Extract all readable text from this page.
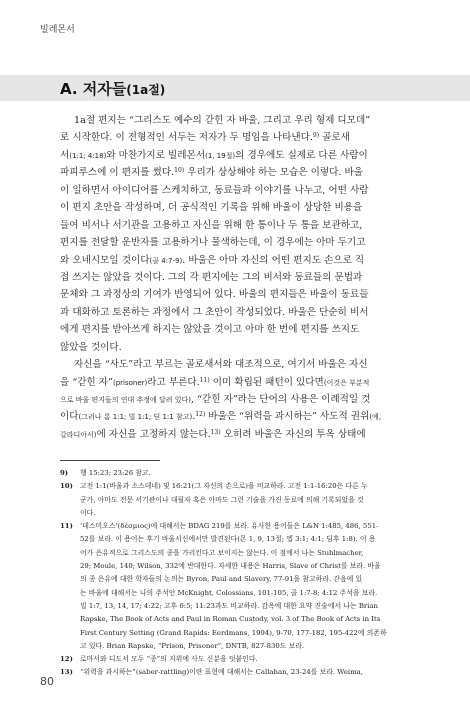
빌레몬서
A. 저자들(1a절)
1a절 편지는 “그리스도 예수의 갇힌 자 바울, 그리고 우리 형제 디모데”
로 시작한다. 이 전형적인 서두는 저자가 두 명임을 나타낸다.$^{9)}$ 골로새
서(1:1; 4:18)와 마찬가지로 빌레몬서(1, 19절)의 경우에도 실제로 다른 사람이
파피루스에 이 편지를 썼다.$^{10)}$ 우리가 상상해야 하는 모습은 이렇다. 바울
이 일하면서 아이디어를 스케치하고, 동료들과 이야기를 나누고, 어떤 사람
이 편지 초안을 작성하며, 더 공식적인 기록을 위해 바울이 상당한 비용을
들여 비서나 서기관을 고용하고 자신을 위해 한 통이나 두 통을 보관하고,
편지를 전달할 운반자를 고용하거나 물색하는데, 이 경우에는 아마 두기고
와 오네시모일 것이다(골 4:7-9). 바울은 아마 자신의 어떤 편지도 손으로 직
접 쓰지는 않았을 것이다. 그의 각 편지에는 그의 비서와 동료들의 문법과
문체와 그 과정상의 기여가 반영되어 있다. 바울의 편지들은 바울이 동료들
과 대화하고 토론하는 과정에서 그 초안이 작성되었다. 바울은 단순히 비서
에게 편지를 받아쓰게 하지는 않았을 것이고 아마 한 번에 편지를 쓰지도
않았을 것이다.
자신을 “사도”라고 부르는 골로새서와 대조적으로, 여기서 바울은 자신
을 “갇힌 자”(prisoner)라고 부른다.$^{11)}$ 이미 확립된 패턴이 있다면(이것은 부분적
으로 바울 편지들의 연대 추정에 달려 있다), “갇힌 자”라는 단어의 사용은 이례적일 것
이다(그러나 롬 1:1; 빌 1:1; 딛 1:1 참고).$^{12)}$ 바울은 “위력을 과시하는” 사도적 권위(예,
갈라디아서)에 자신을 고정하지 않는다.$^{13)}$ 오히려 바울은 자신의 투옥 상태에
9)	행 15:23; 23:26 참고.
10)	고전 1:1(바울과 소스데네) 및 16:21(그 자신의 손으로)을 비교하라. 고전 1:1-16:20은 다른 누
군가, 아마도 전문 서기관이나 대필자 혹은 아마도 그런 기술을 가진 동료에 의해 기록되었을 것
이다.
11)	‘데스미오스’(δέσμιος)에 대해서는 BDAG 219를 보라. 유사한 용어들은 L&N 1:485, 486, 551-
52를 보라. 이 용어는 후기 바울서신에서만 발견된다(몬 1, 9, 13절; 엡 3:1; 4:1; 딤후 1:8). 이 용
어가 은유적으로 그리스도의 종을 가리킨다고 보이지는 않는다. 이 점에서 나는 Stuhlmacher,
29; Moule, 140; Wilson, 332에 반대한다. 자세한 내용은 Harris, Slave of Christ를 보라. 바울
의 종 은유에 대한 학자들의 논의는 Byron, Paul and Slavery, 77-91을 참고하라. 갇음에 있
는 바울에 대해서는 나의 주석인 McKnight, Colossians, 101-105, 골 1:7-8; 4:12 주석을 보라.
빌 1:7, 13, 14, 17; 4:22; 고후 6:5; 11:23과도 비교하라. 감옥에 대한 요약 진술에서 나는 Brian
Rapske, The Book of Acts and Paul in Roman Custody, vol. 3 of The Book of Acts in Its
First Century Setting (Grand Rapids: Eerdmans, 1994), 9-70, 177-182, 195-422에 의존하
고 있다. Brian Rapske, “Prison, Prisoner”, DNTB, 827-830도 보라.
12)	로마서와 디도서 모두 “종”의 지위에 사도 신분을 덧붙인다.
13)	“위력을 과시하는”(saber-rattling)이란 표현에 대해서는 Callahan, 23-24를 보라. Weima,
80
